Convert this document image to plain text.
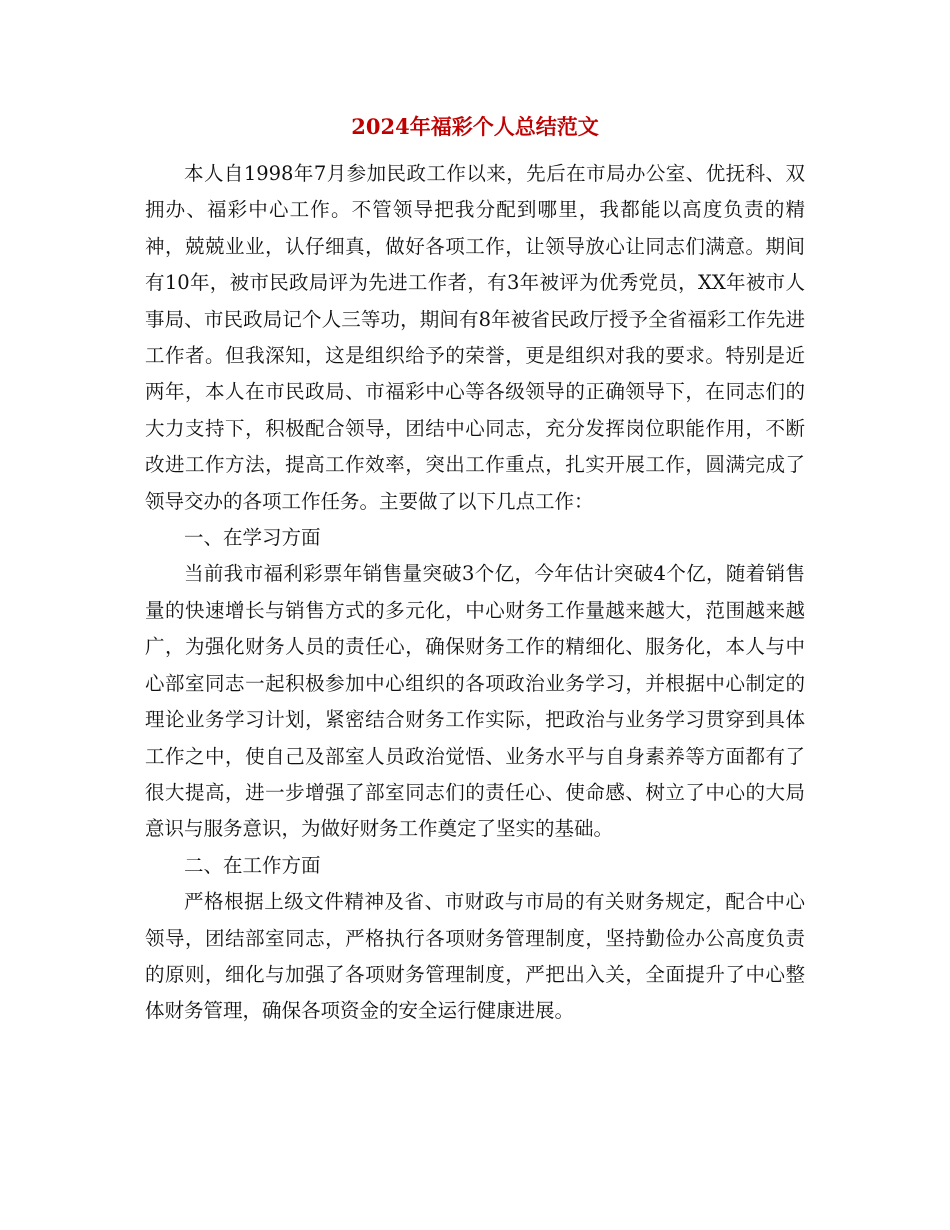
2024年福彩个人总结范文

本人自1998年7月参加民政工作以来，先后在市局办公室、优抚科、双拥办、福彩中心工作。不管领导把我分配到哪里，我都能以高度负责的精神，兢兢业业，认仔细真，做好各项工作，让领导放心让同志们满意。期间有10年，被市民政局评为先进工作者，有3年被评为优秀党员，XX年被市人事局、市民政局记个人三等功，期间有8年被省民政厅授予全省福彩工作先进工作者。但我深知，这是组织给予的荣誉，更是组织对我的要求。特别是近两年，本人在市民政局、市福彩中心等各级领导的正确领导下，在同志们的大力支持下，积极配合领导，团结中心同志，充分发挥岗位职能作用，不断改进工作方法，提高工作效率，突出工作重点，扎实开展工作，圆满完成了领导交办的各项工作任务。主要做了以下几点工作：

一、在学习方面

当前我市福利彩票年销售量突破3个亿，今年估计突破4个亿，随着销售量的快速增长与销售方式的多元化，中心财务工作量越来越大，范围越来越广，为强化财务人员的责任心，确保财务工作的精细化、服务化，本人与中心部室同志一起积极参加中心组织的各项政治业务学习，并根据中心制定的理论业务学习计划，紧密结合财务工作实际，把政治与业务学习贯穿到具体工作之中，使自己及部室人员政治觉悟、业务水平与自身素养等方面都有了很大提高，进一步增强了部室同志们的责任心、使命感、树立了中心的大局意识与服务意识，为做好财务工作奠定了坚实的基础。

二、在工作方面

严格根据上级文件精神及省、市财政与市局的有关财务规定，配合中心领导，团结部室同志，严格执行各项财务管理制度，坚持勤俭办公高度负责的原则，细化与加强了各项财务管理制度，严把出入关，全面提升了中心整体财务管理，确保各项资金的安全运行健康进展。
